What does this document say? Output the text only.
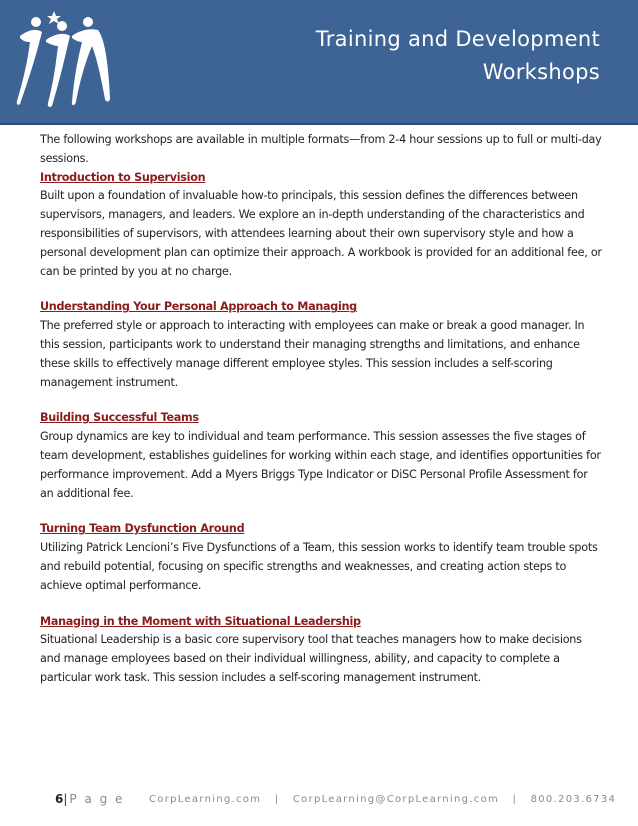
Training and Development
Workshops

The following workshops are available in multiple formats—from 2-4 hour sessions up to full or multi-day sessions.

Introduction to Supervision

Built upon a foundation of invaluable how-to principals, this session defines the differences between supervisors, managers, and leaders. We explore an in-depth understanding of the characteristics and responsibilities of supervisors, with attendees learning about their own supervisory style and how a personal development plan can optimize their approach. A workbook is provided for an additional fee, or can be printed by you at no charge.

Understanding Your Personal Approach to Managing

The preferred style or approach to interacting with employees can make or break a good manager. In this session, participants work to understand their managing strengths and limitations, and enhance these skills to effectively manage different employee styles. This session includes a self-scoring management instrument.

Building Successful Teams

Group dynamics are key to individual and team performance. This session assesses the five stages of team development, establishes guidelines for working within each stage, and identifies opportunities for performance improvement. Add a Myers Briggs Type Indicator or DiSC Personal Profile Assessment for an additional fee.

Turning Team Dysfunction Around

Utilizing Patrick Lencioni’s Five Dysfunctions of a Team, this session works to identify team trouble spots and rebuild potential, focusing on specific strengths and weaknesses, and creating action steps to achieve optimal performance.

Managing in the Moment with Situational Leadership

Situational Leadership is a basic core supervisory tool that teaches managers how to make decisions and manage employees based on their individual willingness, ability, and capacity to complete a particular work task. This session includes a self-scoring management instrument.

6| P a g e CorpLearning.com   |   CorpLearning@CorpLearning.com   |   800.203.6734
